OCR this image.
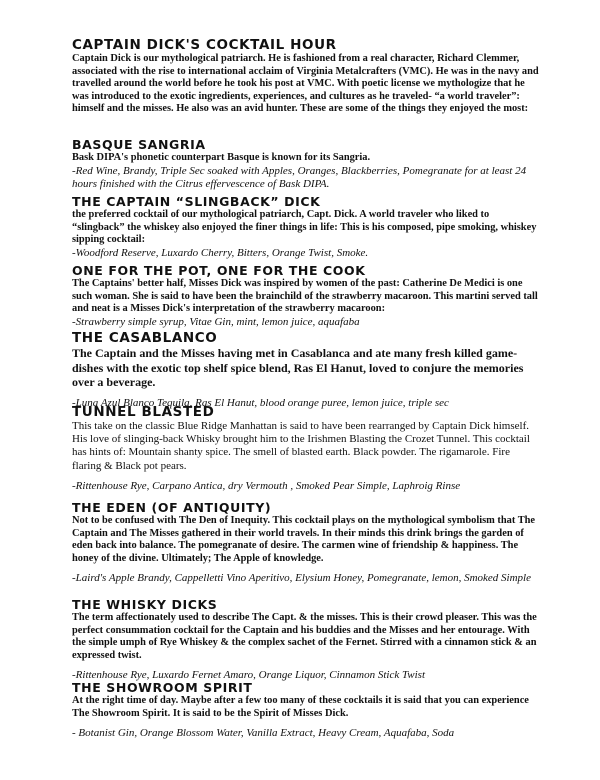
CAPTAIN DICK'S COCKTAIL HOUR

Captain Dick is our mythological patriarch. He is fashioned from a real character, Richard Clemmer, associated with the rise to international acclaim of Virginia Metalcrafters (VMC). He was in the navy and travelled around the world before he took his post at VMC. With poetic license we mythologize that he was introduced to the exotic ingredients, experiences, and cultures as he traveled- “a world traveler”: himself and the misses. He also was an avid hunter. These are some of the things they enjoyed the most:

BASQUE SANGRIA

Bask DIPA's phonetic counterpart Basque is known for its Sangria.

-Red Wine, Brandy, Triple Sec soaked with Apples, Oranges, Blackberries, Pomegranate for at least 24 hours finished with the Citrus effervescence of Bask DIPA.

THE CAPTAIN “SLINGBACK” DICK

the preferred cocktail of our mythological patriarch, Capt. Dick. A world traveler who liked to “slingback” the whiskey also enjoyed the finer things in life: This is his composed, pipe smoking, whiskey sipping cocktail:

-Woodford Reserve, Luxardo Cherry, Bitters, Orange Twist, Smoke.

ONE FOR THE POT, ONE FOR THE COOK

The Captains' better half, Misses Dick was inspired by women of the past: Catherine De Medici is one such woman. She is said to have been the brainchild of the strawberry macaroon. This martini served tall and neat is a Misses Dick's interpretation of the strawberry macaroon:

-Strawberry simple syrup, Vitae Gin, mint, lemon juice, aquafaba

THE CASABLANCO

The Captain and the Misses having met in Casablanca and ate many fresh killed game-dishes with the exotic top shelf spice blend, Ras El Hanut, loved to conjure the memories over a beverage.

-Luna Azul Blanco Tequila, Ras El Hanut, blood orange puree, lemon juice, triple sec

TUNNEL BLASTED

This take on the classic Blue Ridge Manhattan is said to have been rearranged by Captain Dick himself. His love of slinging-back Whisky brought him to the Irishmen Blasting the Crozet Tunnel. This cocktail has hints of: Mountain shanty spice. The smell of blasted earth. Black powder. The rigamarole. Fire flaring & Black pot pears.

-Rittenhouse Rye, Carpano Antica, dry Vermouth , Smoked Pear Simple, Laphroig Rinse

THE EDEN (OF ANTIQUITY)

Not to be confused with The Den of Inequity. This cocktail plays on the mythological symbolism that The Captain and The Misses gathered in their world travels. In their minds this drink brings the garden of eden back into balance. The pomegranate of desire. The carmen wine of friendship & happiness. The honey of the divine. Ultimately; The Apple of knowledge.

-Laird's Apple Brandy, Cappelletti Vino Aperitivo, Elysium Honey, Pomegranate, lemon, Smoked Simple

THE WHISKY DICKS

The term affectionately used to describe The Capt. & the misses. This is their crowd pleaser. This was the perfect consummation cocktail for the Captain and his buddies and the Misses and her entourage. With the simple umph of Rye Whiskey & the complex sachet of the Fernet. Stirred with a cinnamon stick & an expressed twist.

-Rittenhouse Rye, Luxardo Fernet Amaro, Orange Liquor, Cinnamon Stick Twist

THE SHOWROOM SPIRIT

At the right time of day. Maybe after a few too many of these cocktails it is said that you can experience The Showroom Spirit. It is said to be the Spirit of Misses Dick.

- Botanist Gin, Orange Blossom Water, Vanilla Extract, Heavy Cream, Aquafaba, Soda
